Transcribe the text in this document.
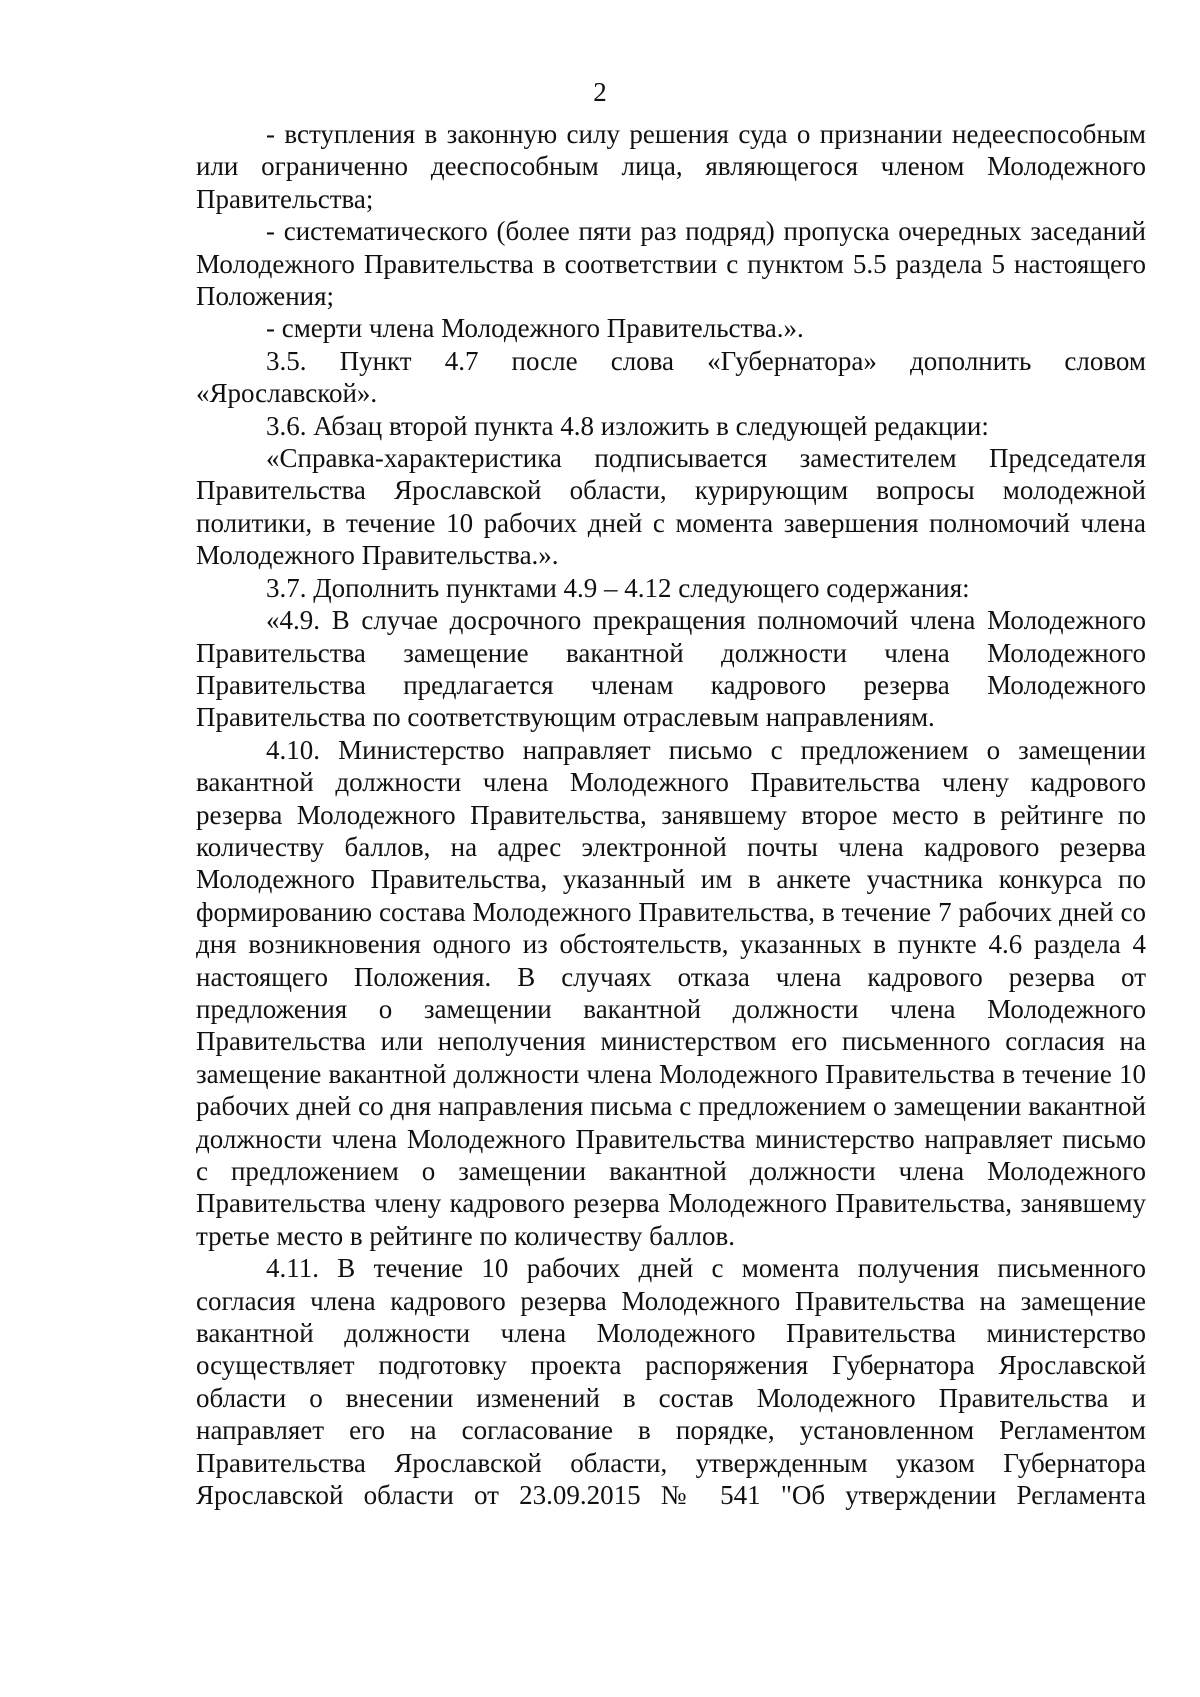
2

- вступления в законную силу решения суда о признании недееспособным или ограниченно дееспособным лица, являющегося членом Молодежного Правительства;

- систематического (более пяти раз подряд) пропуска очередных заседаний Молодежного Правительства в соответствии с пунктом 5.5 раздела 5 настоящего Положения;

- смерти члена Молодежного Правительства.».

3.5. Пункт 4.7 после слова «Губернатора» дополнить словом «Ярославской».

3.6. Абзац второй пункта 4.8 изложить в следующей редакции:

«Справка-характеристика подписывается заместителем Председателя Правительства Ярославской области, курирующим вопросы молодежной политики, в течение 10 рабочих дней с момента завершения полномочий члена Молодежного Правительства.».

3.7. Дополнить пунктами 4.9 – 4.12 следующего содержания:

«4.9. В случае досрочного прекращения полномочий члена Молодежного Правительства замещение вакантной должности члена Молодежного Правительства предлагается членам кадрового резерва Молодежного Правительства по соответствующим отраслевым направлениям.

4.10. Министерство направляет письмо с предложением о замещении вакантной должности члена Молодежного Правительства члену кадрового резерва Молодежного Правительства, занявшему второе место в рейтинге по количеству баллов, на адрес электронной почты члена кадрового резерва Молодежного Правительства, указанный им в анкете участника конкурса по формированию состава Молодежного Правительства, в течение 7 рабочих дней со дня возникновения одного из обстоятельств, указанных в пункте 4.6 раздела 4 настоящего Положения. В случаях отказа члена кадрового резерва от предложения о замещении вакантной должности члена Молодежного Правительства или неполучения министерством его письменного согласия на замещение вакантной должности члена Молодежного Правительства в течение 10 рабочих дней со дня направления письма с предложением о замещении вакантной должности члена Молодежного Правительства министерство направляет письмо с предложением о замещении вакантной должности члена Молодежного Правительства члену кадрового резерва Молодежного Правительства, занявшему третье место в рейтинге по количеству баллов.

4.11. В течение 10 рабочих дней с момента получения письменного согласия члена кадрового резерва Молодежного Правительства на замещение вакантной должности члена Молодежного Правительства министерство осуществляет подготовку проекта распоряжения Губернатора Ярославской области о внесении изменений в состав Молодежного Правительства и направляет его на согласование в порядке, установленном Регламентом Правительства Ярославской области, утвержденным указом Губернатора Ярославской области от 23.09.2015 № 541 "Об утверждении Регламента
